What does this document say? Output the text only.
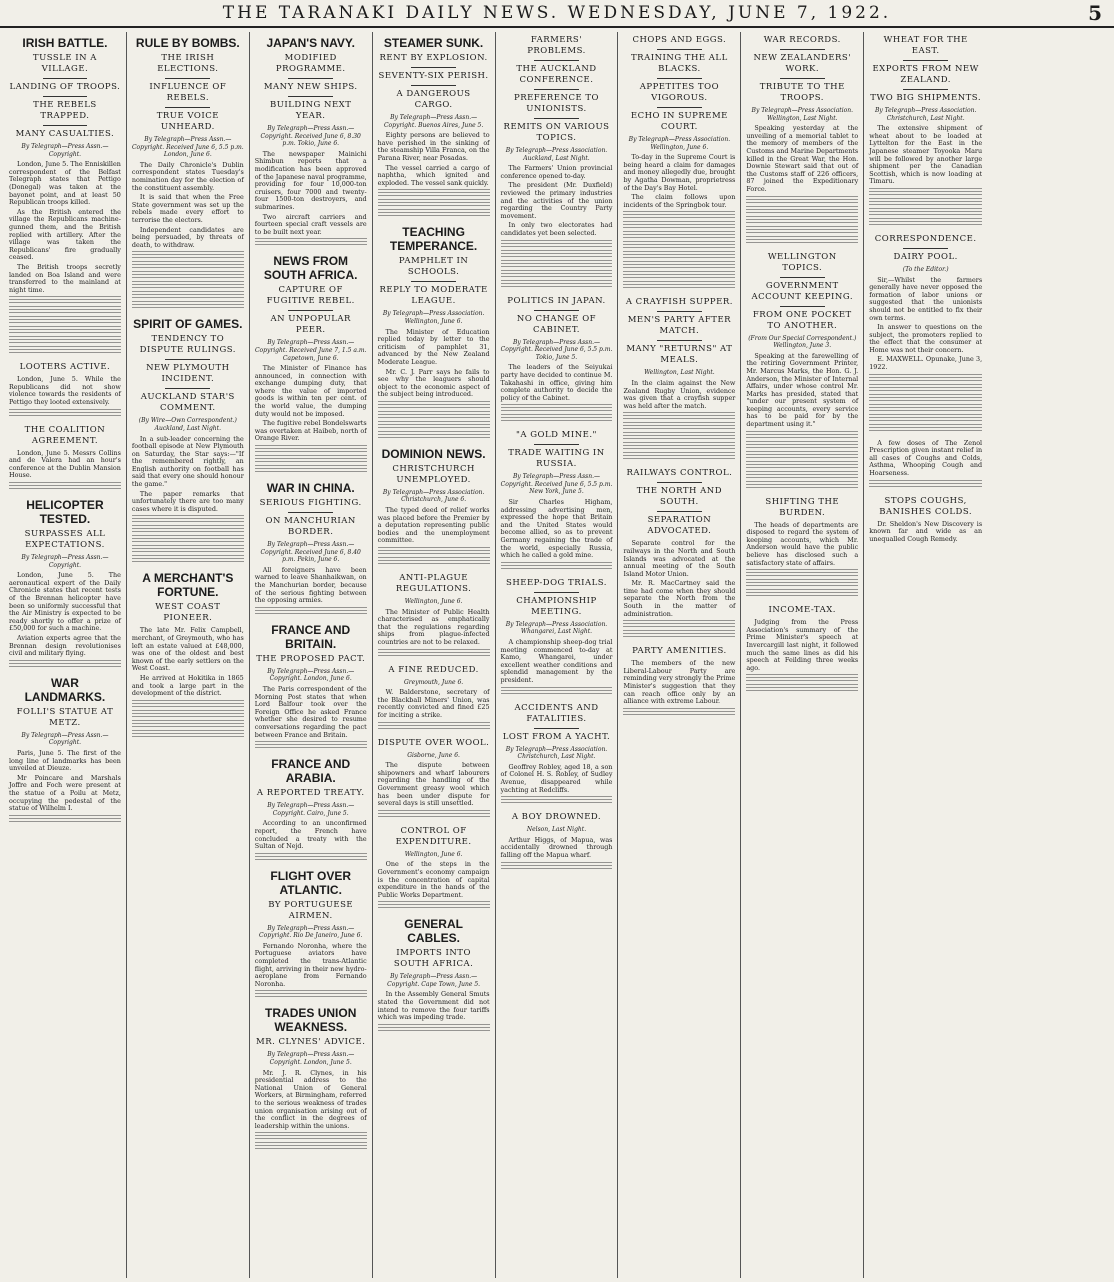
THE TARANAKI DAILY NEWS. WEDNESDAY, JUNE 7, 1922.	5
IRISH BATTLE.
TUSSLE IN A VILLAGE.
LANDING OF TROOPS.
THE REBELS TRAPPED.
MANY CASUALTIES.
By Telegraph—Press Assn.—Copyright.

London, June 5. The Enniskillen correspondent of the Belfast Telegraph states that Pettigo (Donegal) was taken at the bayonet point, and at least 50 Republican troops killed.

As the British entered the village the Republicans machine-gunned them, and the British replied with artillery. After the village was taken the Republicans' fire gradually ceased.

The British troops secretly landed on Boa Island and were transferred to the mainland at night time.

LOOTERS ACTIVE.

London, June 5. While the Republicans did not show violence towards the residents of Pettigo they looted extensively.

THE COALITION AGREEMENT.

London, June 5. Messrs Collins and de Valera had an hour's conference at the Dublin Mansion House.

HELICOPTER TESTED.
SURPASSES ALL EXPECTATIONS.
By Telegraph—Press Assn.—Copyright.

London, June 5. The aeronautical expert of the Daily Chronicle states that recent tests of the Brennan helicopter have been so uniformly successful that the Air Ministry is expected to be ready shortly to offer a prize of £50,000 for such a machine.

Aviation experts agree that the Brennan design revolutionises civil and military flying.

WAR LANDMARKS.
FOLLI'S STATUE AT METZ.
By Telegraph—Press Assn.—Copyright.

Paris, June 5. The first of the long line of landmarks has been unveiled at Dieuze.

Mr Poincare and Marshals Joffre and Foch were present at the statue of a Poilu at Metz, occupying the pedestal of the statue of Wilhelm I.

RULE BY BOMBS.
THE IRISH ELECTIONS.
INFLUENCE OF REBELS.
TRUE VOICE UNHEARD.
By Telegraph—Press Assn.—Copyright. Received June 6, 5.5 p.m. London, June 6.

The Daily Chronicle's Dublin correspondent states Tuesday's nomination day for the election of the constituent assembly.

It is said that when the Free State government was set up the rebels made every effort to terrorise the electors.

Independent candidates are being persuaded, by threats of death, to withdraw.

SPIRIT OF GAMES.
TENDENCY TO DISPUTE RULINGS.
NEW PLYMOUTH INCIDENT.
AUCKLAND STAR'S COMMENT.
(By Wire—Own Correspondent.) Auckland, Last Night.

In a sub-leader concerning the football episode at New Plymouth on Saturday, the Star says:—"If the remembered rightly, an English authority on football has said that every one should honour the game."

The paper remarks that unfortunately there are too many cases where it is disputed.

A MERCHANT'S FORTUNE.
WEST COAST PIONEER.

The late Mr. Felix Campbell, merchant, of Greymouth, who has left an estate valued at £48,000, was one of the oldest and best known of the early settlers on the West Coast.

He arrived at Hokitika in 1865 and took a large part in the development of the district.

JAPAN'S NAVY.
MODIFIED PROGRAMME.
MANY NEW SHIPS.
BUILDING NEXT YEAR.
By Telegraph—Press Assn.—Copyright. Received June 6, 8.30 p.m. Tokio, June 6.

The newspaper Mainichi Shimbun reports that a modification has been approved of the Japanese naval programme, providing for four 10,000-ton cruisers, four 7000 and twenty-four 1500-ton destroyers, and submarines.

Two aircraft carriers and fourteen special craft vessels are to be built next year.

NEWS FROM SOUTH AFRICA.
CAPTURE OF FUGITIVE REBEL.
AN UNPOPULAR PEER.
By Telegraph—Press Assn.—Copyright. Received June 7, 1.5 a.m. Capetown, June 6.

The Minister of Finance has announced, in connection with exchange dumping duty, that where the value of imported goods is within ten per cent. of the world value, the dumping duty would not be imposed.

The fugitive rebel Bondelswarts was overtaken at Haibeb, north of Orange River.

WAR IN CHINA.
SERIOUS FIGHTING.
ON MANCHURIAN BORDER.
By Telegraph—Press Assn.—Copyright. Received June 6, 8.40 p.m. Pekin, June 6.

All foreigners have been warned to leave Shanhaikwan, on the Manchurian border, because of the serious fighting between the opposing armies.

FRANCE AND BRITAIN.
THE PROPOSED PACT.
By Telegraph—Press Assn.—Copyright. London, June 6.

The Paris correspondent of the Morning Post states that when Lord Balfour took over the Foreign Office he asked France whether she desired to resume conversations regarding the pact between France and Britain.

FRANCE AND ARABIA.
A REPORTED TREATY.
By Telegraph—Press Assn.—Copyright. Cairo, June 5.

According to an unconfirmed report, the French have concluded a treaty with the Sultan of Nejd.

FLIGHT OVER ATLANTIC.
BY PORTUGUESE AIRMEN.
By Telegraph—Press Assn.—Copyright. Rio De Janeiro, June 6.

Fernando Noronha, where the Portuguese aviators have completed the trans-Atlantic flight, arriving in their new hydro-aeroplane from Fernando Noronha.

TRADES UNION WEAKNESS.
MR. CLYNES' ADVICE.
By Telegraph—Press Assn.—Copyright. London, June 5.

Mr. J. R. Clynes, in his presidential address to the National Union of General Workers, at Birmingham, referred to the serious weakness of trades union organisation arising out of the conflict in the degrees of leadership within the unions.

STEAMER SUNK.
RENT BY EXPLOSION.
SEVENTY-SIX PERISH.
A DANGEROUS CARGO.
By Telegraph—Press Assn.—Copyright. Buenos Aires, June 5.

Eighty persons are believed to have perished in the sinking of the steamship Villa Franca, on the Parana River, near Posadas.

The vessel carried a cargo of naphtha, which ignited and exploded. The vessel sank quickly.

TEACHING TEMPERANCE.
PAMPHLET IN SCHOOLS.
REPLY TO MODERATE LEAGUE.
By Telegraph—Press Association. Wellington, June 6.

The Minister of Education replied today by letter to the criticism of pamphlet 31, advanced by the New Zealand Moderate League.

Mr. C. J. Parr says he fails to see why the leaguers should object to the economic aspect of the subject being introduced.

DOMINION NEWS.
CHRISTCHURCH UNEMPLOYED.
By Telegraph—Press Association. Christchurch, June 6.

The typed deed of relief works was placed before the Premier by a deputation representing public bodies and the unemployment committee.

ANTI-PLAGUE REGULATIONS.
Wellington, June 6.

The Minister of Public Health characterised as emphatically that the regulations regarding ships from plague-infected countries are not to be relaxed.

A FINE REDUCED.
Greymouth, June 6.

W. Balderstone, secretary of the Blackball Miners' Union, was recently convicted and fined £25 for inciting a strike.

DISPUTE OVER WOOL.
Gisborne, June 6.

The dispute between shipowners and wharf labourers regarding the handling of the Government greasy wool which has been under dispute for several days is still unsettled.

CONTROL OF EXPENDITURE.
Wellington, June 6.

One of the steps in the Government's economy campaign is the concentration of capital expenditure in the hands of the Public Works Department.

GENERAL CABLES.
IMPORTS INTO SOUTH AFRICA.
By Telegraph—Press Assn.—Copyright. Cape Town, June 5.

In the Assembly General Smuts stated the Government did not intend to remove the four tariffs which was impeding trade.

FARMERS' PROBLEMS.
THE AUCKLAND CONFERENCE.
PREFERENCE TO UNIONISTS.
REMITS ON VARIOUS TOPICS.
By Telegraph—Press Association. Auckland, Last Night.

The Farmers' Union provincial conference opened to-day.

The president (Mr. Duxfield) reviewed the primary industries and the activities of the union regarding the Country Party movement.

In only two electorates had candidates yet been selected.

POLITICS IN JAPAN.
NO CHANGE OF CABINET.
By Telegraph—Press Assn.—Copyright. Received June 6, 5.5 p.m. Tokio, June 5.

The leaders of the Seiyukai party have decided to continue M. Takahashi in office, giving him complete authority to decide the policy of the Cabinet.

"A GOLD MINE."
TRADE WAITING IN RUSSIA.
By Telegraph—Press Assn.—Copyright. Received June 6, 5.5 p.m. New York, June 5.

Sir Charles Higham, addressing advertising men, expressed the hope that Britain and the United States would become allied, so as to prevent Germany regaining the trade of the world, especially Russia, which he called a gold mine.

SHEEP-DOG TRIALS.
CHAMPIONSHIP MEETING.
By Telegraph—Press Association. Whangarei, Last Night.

A championship sheep-dog trial meeting commenced to-day at Kamo, Whangarei, under excellent weather conditions and splendid management by the president.

ACCIDENTS AND FATALITIES.
LOST FROM A YACHT.
By Telegraph—Press Association. Christchurch, Last Night.

Geoffrey Robley, aged 18, a son of Colonel H. S. Robley, of Sudley Avenue, disappeared while yachting at Redcliffs.

A BOY DROWNED.
Nelson, Last Night.

Arthur Higgs, of Mapua, was accidentally drowned through falling off the Mapua wharf.

CHOPS AND EGGS.
TRAINING THE ALL BLACKS.
APPETITES TOO VIGOROUS.
ECHO IN SUPREME COURT.
By Telegraph—Press Association. Wellington, June 6.

To-day in the Supreme Court is being heard a claim for damages and money allegedly due, brought by Agatha Dowman, proprietress of the Day's Bay Hotel.

The claim follows upon incidents of the Springbok tour.

A CRAYFISH SUPPER.
MEN'S PARTY AFTER MATCH.
MANY "RETURNS" AT MEALS.
Wellington, Last Night.

In the claim against the New Zealand Rugby Union, evidence was given that a crayfish supper was held after the match.

RAILWAYS CONTROL.
THE NORTH AND SOUTH.
SEPARATION ADVOCATED.

Separate control for the railways in the North and South Islands was advocated at the annual meeting of the South Island Motor Union.

Mr. R. MacCartney said the time had come when they should separate the North from the South in the matter of administration.

PARTY AMENITIES.

The members of the new Liberal-Labour Party are reminding very strongly the Prime Minister's suggestion that they can reach office only by an alliance with extreme Labour.

WAR RECORDS.
NEW ZEALANDERS' WORK.
TRIBUTE TO THE TROOPS.
By Telegraph—Press Association. Wellington, Last Night.

Speaking yesterday at the unveiling of a memorial tablet to the memory of members of the Customs and Marine Departments killed in the Great War, the Hon. Downie Stewart said that out of the Customs staff of 226 officers, 87 joined the Expeditionary Force.

WELLINGTON TOPICS.
GOVERNMENT ACCOUNT KEEPING.
FROM ONE POCKET TO ANOTHER.
(From Our Special Correspondent.) Wellington, June 3.

Speaking at the farewelling of the retiring Government Printer, Mr. Marcus Marks, the Hon. G. J. Anderson, the Minister of Internal Affairs, under whose control Mr. Marks has presided, stated that "under our present system of keeping accounts, every service has to be paid for by the department using it."

SHIFTING THE BURDEN.

The heads of departments are disposed to regard the system of keeping accounts, which Mr. Anderson would have the public believe has disclosed such a satisfactory state of affairs.

INCOME-TAX.

Judging from the Press Association's summary of the Prime Minister's speech at Invercargill last night, it followed much the same lines as did his speech at Feilding three weeks ago.

WHEAT FOR THE EAST.
EXPORTS FROM NEW ZEALAND.
TWO BIG SHIPMENTS.
By Telegraph—Press Association. Christchurch, Last Night.

The extensive shipment of wheat about to be loaded at Lyttelton for the East in the Japanese steamer Toyooka Maru will be followed by another large shipment per the Canadian Scottish, which is now loading at Timaru.

CORRESPONDENCE.
DAIRY POOL.
(To the Editor.)

Sir,—Whilst the farmers generally have never opposed the formation of labor unions or suggested that the unionists should not be entitled to fix their own terms.

In answer to questions on the subject, the promoters replied to the effect that the consumer at Home was not their concern.

E. MAXWELL. Opunake, June 3, 1922.

A few doses of The Zenol Prescription given instant relief in all cases of Coughs and Colds, Asthma, Whooping Cough and Hoarseness.

STOPS COUGHS, BANISHES COLDS.

Dr. Sheldon's New Discovery is known far and wide as an unequalled Cough Remedy.
